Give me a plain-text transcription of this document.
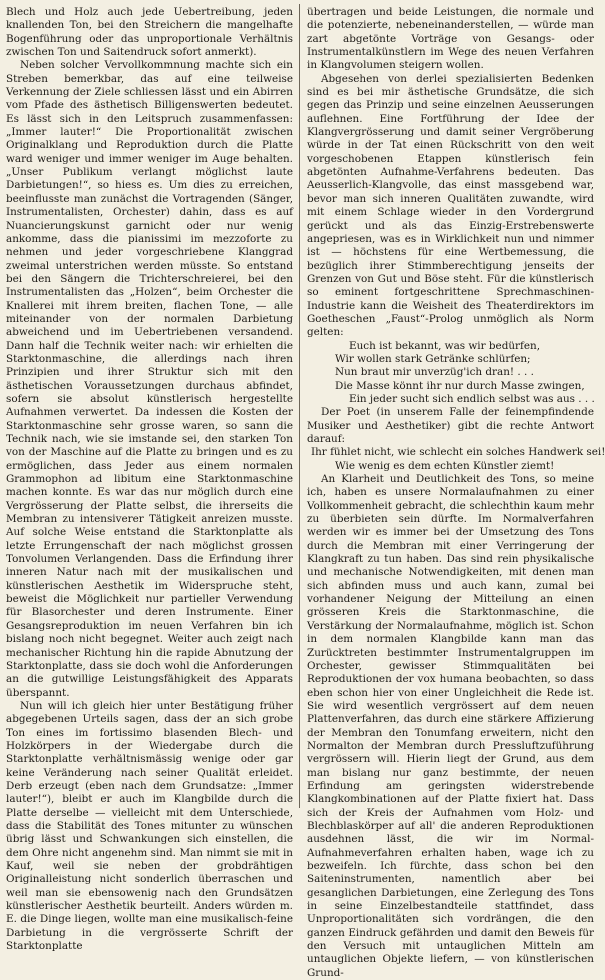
Blech und Holz auch jede Uebertreibung, jeden knallenden Ton, bei den Streichern die mangelhafte Bogenführung oder das unproportionale Verhältnis zwischen Ton und Saitendruck sofort anmerkt).

Neben solcher Vervollkommnung machte sich ein Streben bemerkbar, das auf eine teilweise Verkennung der Ziele schliessen lässt und ein Abirren vom Pfade des ästhetisch Billigenswerten bedeutet. Es lässt sich in den Leitspruch zusammenfassen: „Immer lauter!“ Die Proportionalität zwischen Originalklang und Reproduktion durch die Platte ward weniger und immer weniger im Auge behalten. „Unser Publikum verlangt möglichst laute Darbietungen!“, so hiess es. Um dies zu erreichen, beeinflusste man zunächst die Vortragenden (Sänger, Instrumentalisten, Orchester) dahin, dass es auf Nuancierungskunst garnicht oder nur wenig ankomme, dass die pianissimi im mezzoforte zu nehmen und jeder vorgeschriebene Klanggrad zweimal unterstrichen werden müsste. So entstand bei den Sängern die Trichterschreierei, bei den Instrumentalisten das „Holzen“, beim Orchester die Knallerei mit ihrem breiten, flachen Tone, — alle miteinander von der normalen Darbietung abweichend und im Uebertriebenen versandend. Dann half die Technik weiter nach: wir erhielten die Starktonmaschine, die allerdings nach ihren Prinzipien und ihrer Struktur sich mit den ästhetischen Voraussetzungen durchaus abfindet, sofern sie absolut künstlerisch hergestellte Aufnahmen verwertet. Da indessen die Kosten der Starktonmaschine sehr grosse waren, so sann die Technik nach, wie sie imstande sei, den starken Ton von der Maschine auf die Platte zu bringen und es zu ermöglichen, dass Jeder aus einem normalen Grammophon ad libitum eine Starktonmaschine machen konnte. Es war das nur möglich durch eine Vergrösserung der Platte selbst, die ihrerseits die Membran zu intensiverer Tätigkeit anreizen musste. Auf solche Weise entstand die Starktonplatte als letzte Errungenschaft der nach möglichst grossen Tonvolumen Verlangenden. Dass die Erfindung ihrer inneren Natur nach mit der musikalischen und künstlerischen Aesthetik im Widerspruche steht, beweist die Möglichkeit nur partieller Verwendung für Blasorchester und deren Instrumente. Einer Gesangsreproduktion im neuen Verfahren bin ich bislang noch nicht begegnet. Weiter auch zeigt nach mechanischer Richtung hin die rapide Abnutzung der Starktonplatte, dass sie doch wohl die Anforderungen an die gutwillige Leistungsfähigkeit des Apparats überspannt.

Nun will ich gleich hier unter Bestätigung früher abgegebenen Urteils sagen, dass der an sich grobe Ton eines im fortissimo blasenden Blech- und Holzkörpers in der Wiedergabe durch die Starktonplatte verhältnismässig wenige oder gar keine Veränderung nach seiner Qualität erleidet. Derb erzeugt (eben nach dem Grundsatze: „Immer lauter!“), bleibt er auch im Klangbilde durch die Platte derselbe — vielleicht mit dem Unterschiede, dass die Stabilität des Tones mitunter zu wünschen übrig lässt und Schwankungen sich einstellen, die dem Ohre nicht angenehm sind. Man nimmt sie mit in Kauf, weil sie neben der grobdrähtigen Originalleistung nicht sonderlich überraschen und weil man sie ebensowenig nach den Grundsätzen künstlerischer Aesthetik beurteilt. Anders würden m. E. die Dinge liegen, wollte man eine musikalisch-feine Darbietung in die vergrösserte Schrift der Starktonplatte

übertragen und beide Leistungen, die normale und die potenzierte, nebeneinanderstellen, — würde man zart abgetönte Vorträge von Gesangs- oder Instrumentalkünstlern im Wege des neuen Verfahren in Klangvolumen steigern wollen.

Abgesehen von derlei spezialisierten Bedenken sind es bei mir ästhetische Grundsätze, die sich gegen das Prinzip und seine einzelnen Aeusserungen auflehnen. Eine Fortführung der Idee der Klangvergrösserung und damit seiner Vergröberung würde in der Tat einen Rückschritt von den weit vorgeschobenen Etappen künstlerisch fein abgetönten Aufnahme-Verfahrens bedeuten. Das Aeusserlich-Klangvolle, das einst massgebend war, bevor man sich inneren Qualitäten zuwandte, wird mit einem Schlage wieder in den Vordergrund gerückt und als das Einzig-Erstrebenswerte angepriesen, was es in Wirklichkeit nun und nimmer ist — höchstens für eine Wertbemessung, die bezüglich ihrer Stimmberechtigung jenseits der Grenzen von Gut und Böse steht. Für die künstlerisch so eminent fortgeschrittene Sprechmaschinen-Industrie kann die Weisheit des Theaterdirektors im Goetheschen „Faust“-Prolog unmöglich als Norm gelten:

Euch ist bekannt, was wir bedürfen,
Wir wollen stark Getränke schlürfen;
Nun braut mir unverzüg'ich dran! . . .
Die Masse könnt ihr nur durch Masse zwingen,
Ein jeder sucht sich endlich selbst was aus . . .

Der Poet (in unserem Falle der feinempfindende Musiker und Aesthetiker) gibt die rechte Antwort darauf:

Ihr fühlet nicht, wie schlecht ein solches Handwerk sei!
Wie wenig es dem echten Künstler ziemt!

An Klarheit und Deutlichkeit des Tons, so meine ich, haben es unsere Normalaufnahmen zu einer Vollkommenheit gebracht, die schlechthin kaum mehr zu überbieten sein dürfte. Im Normalverfahren werden wir es immer bei der Umsetzung des Tons durch die Membran mit einer Verringerung der Klangkraft zu tun haben. Das sind rein physikalische und mechanische Notwendigkeiten, mit denen man sich abfinden muss und auch kann, zumal bei vorhandener Neigung der Mitteilung an einen grösseren Kreis die Starktonmaschine, die Verstärkung der Normalaufnahme, möglich ist. Schon in dem normalen Klangbilde kann man das Zurücktreten bestimmter Instrumentalgruppen im Orchester, gewisser Stimmqualitäten bei Reproduktionen der vox humana beobachten, so dass eben schon hier von einer Ungleichheit die Rede ist. Sie wird wesentlich vergrössert auf dem neuen Plattenverfahren, das durch eine stärkere Affizierung der Membran den Tonumfang erweitern, nicht den Normalton der Membran durch Pressluftzuführung vergrössern will. Hierin liegt der Grund, aus dem man bislang nur ganz bestimmte, der neuen Erfindung am geringsten widerstrebende Klangkombinationen auf der Platte fixiert hat. Dass sich der Kreis der Aufnahmen vom Holz- und Blechblaskörper auf all' die anderen Reproduktionen ausdehnen lässt, die wir im Normal-Aufnahmeverfahren erhalten haben, wage ich zu bezweifeln. Ich fürchte, dass schon bei den Saiteninstrumenten, namentlich aber bei gesanglichen Darbietungen, eine Zerlegung des Tons in seine Einzelbestandteile stattfindet, dass Unproportionalitäten sich vordrängen, die den ganzen Eindruck gefährden und damit den Beweis für den Versuch mit untauglichen Mitteln am untauglichen Objekte liefern, — von künstlerischen Grund-
